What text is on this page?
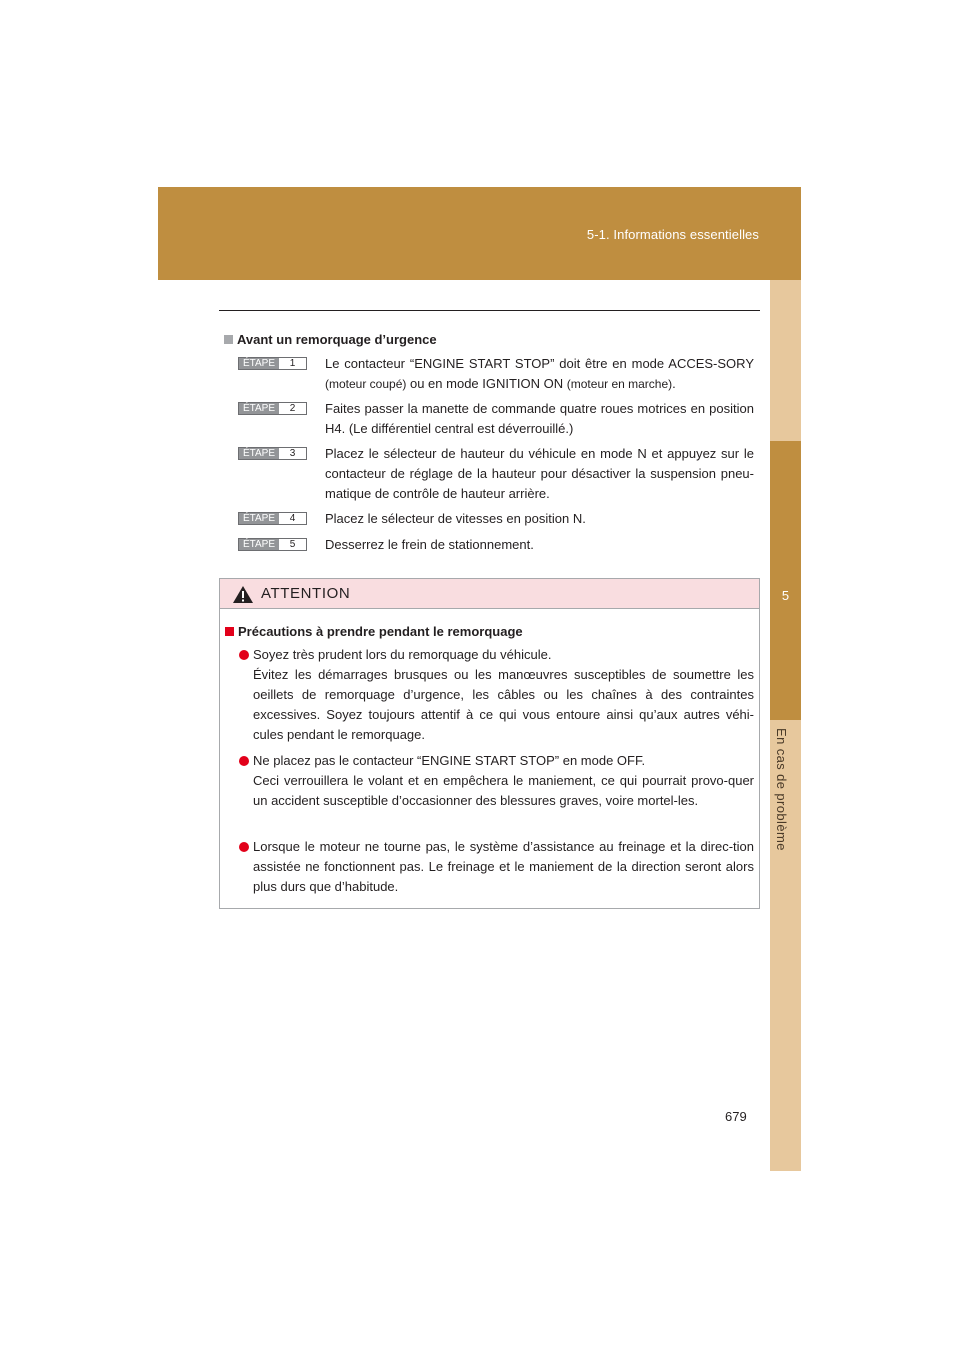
5-1. Informations essentielles
5
En cas de problème
Avant un remorquage d’urgence
ÉTAPE	1	Le contacteur “ENGINE START STOP” doit être en mode ACCES-SORY (moteur coupé) ou en mode IGNITION ON (moteur en marche).
ÉTAPE	2	Faites passer la manette de commande quatre roues motrices en position H4. (Le différentiel central est déverrouillé.)
ÉTAPE	3	Placez le sélecteur de hauteur du véhicule en mode N et appuyez sur le contacteur de réglage de la hauteur pour désactiver la suspension pneu-matique de contrôle de hauteur arrière.
ÉTAPE	4	Placez le sélecteur de vitesses en position N.
ÉTAPE	5	Desserrez le frein de stationnement.
ATTENTION
Précautions à prendre pendant le remorquage
Soyez très prudent lors du remorquage du véhicule.
Évitez les démarrages brusques ou les manœuvres susceptibles de soumettre les oeillets de remorquage d’urgence, les câbles ou les chaînes à des contraintes excessives. Soyez toujours attentif à ce qui vous entoure ainsi qu’aux autres véhi-cules pendant le remorquage.
Ne placez pas le contacteur “ENGINE START STOP” en mode OFF.
Ceci verrouillera le volant et en empêchera le maniement, ce qui pourrait provo-quer un accident susceptible d’occasionner des blessures graves, voire mortel-les.
Lorsque le moteur ne tourne pas, le système d’assistance au freinage et la direc-tion assistée ne fonctionnent pas. Le freinage et le maniement de la direction seront alors plus durs que d’habitude.
679
